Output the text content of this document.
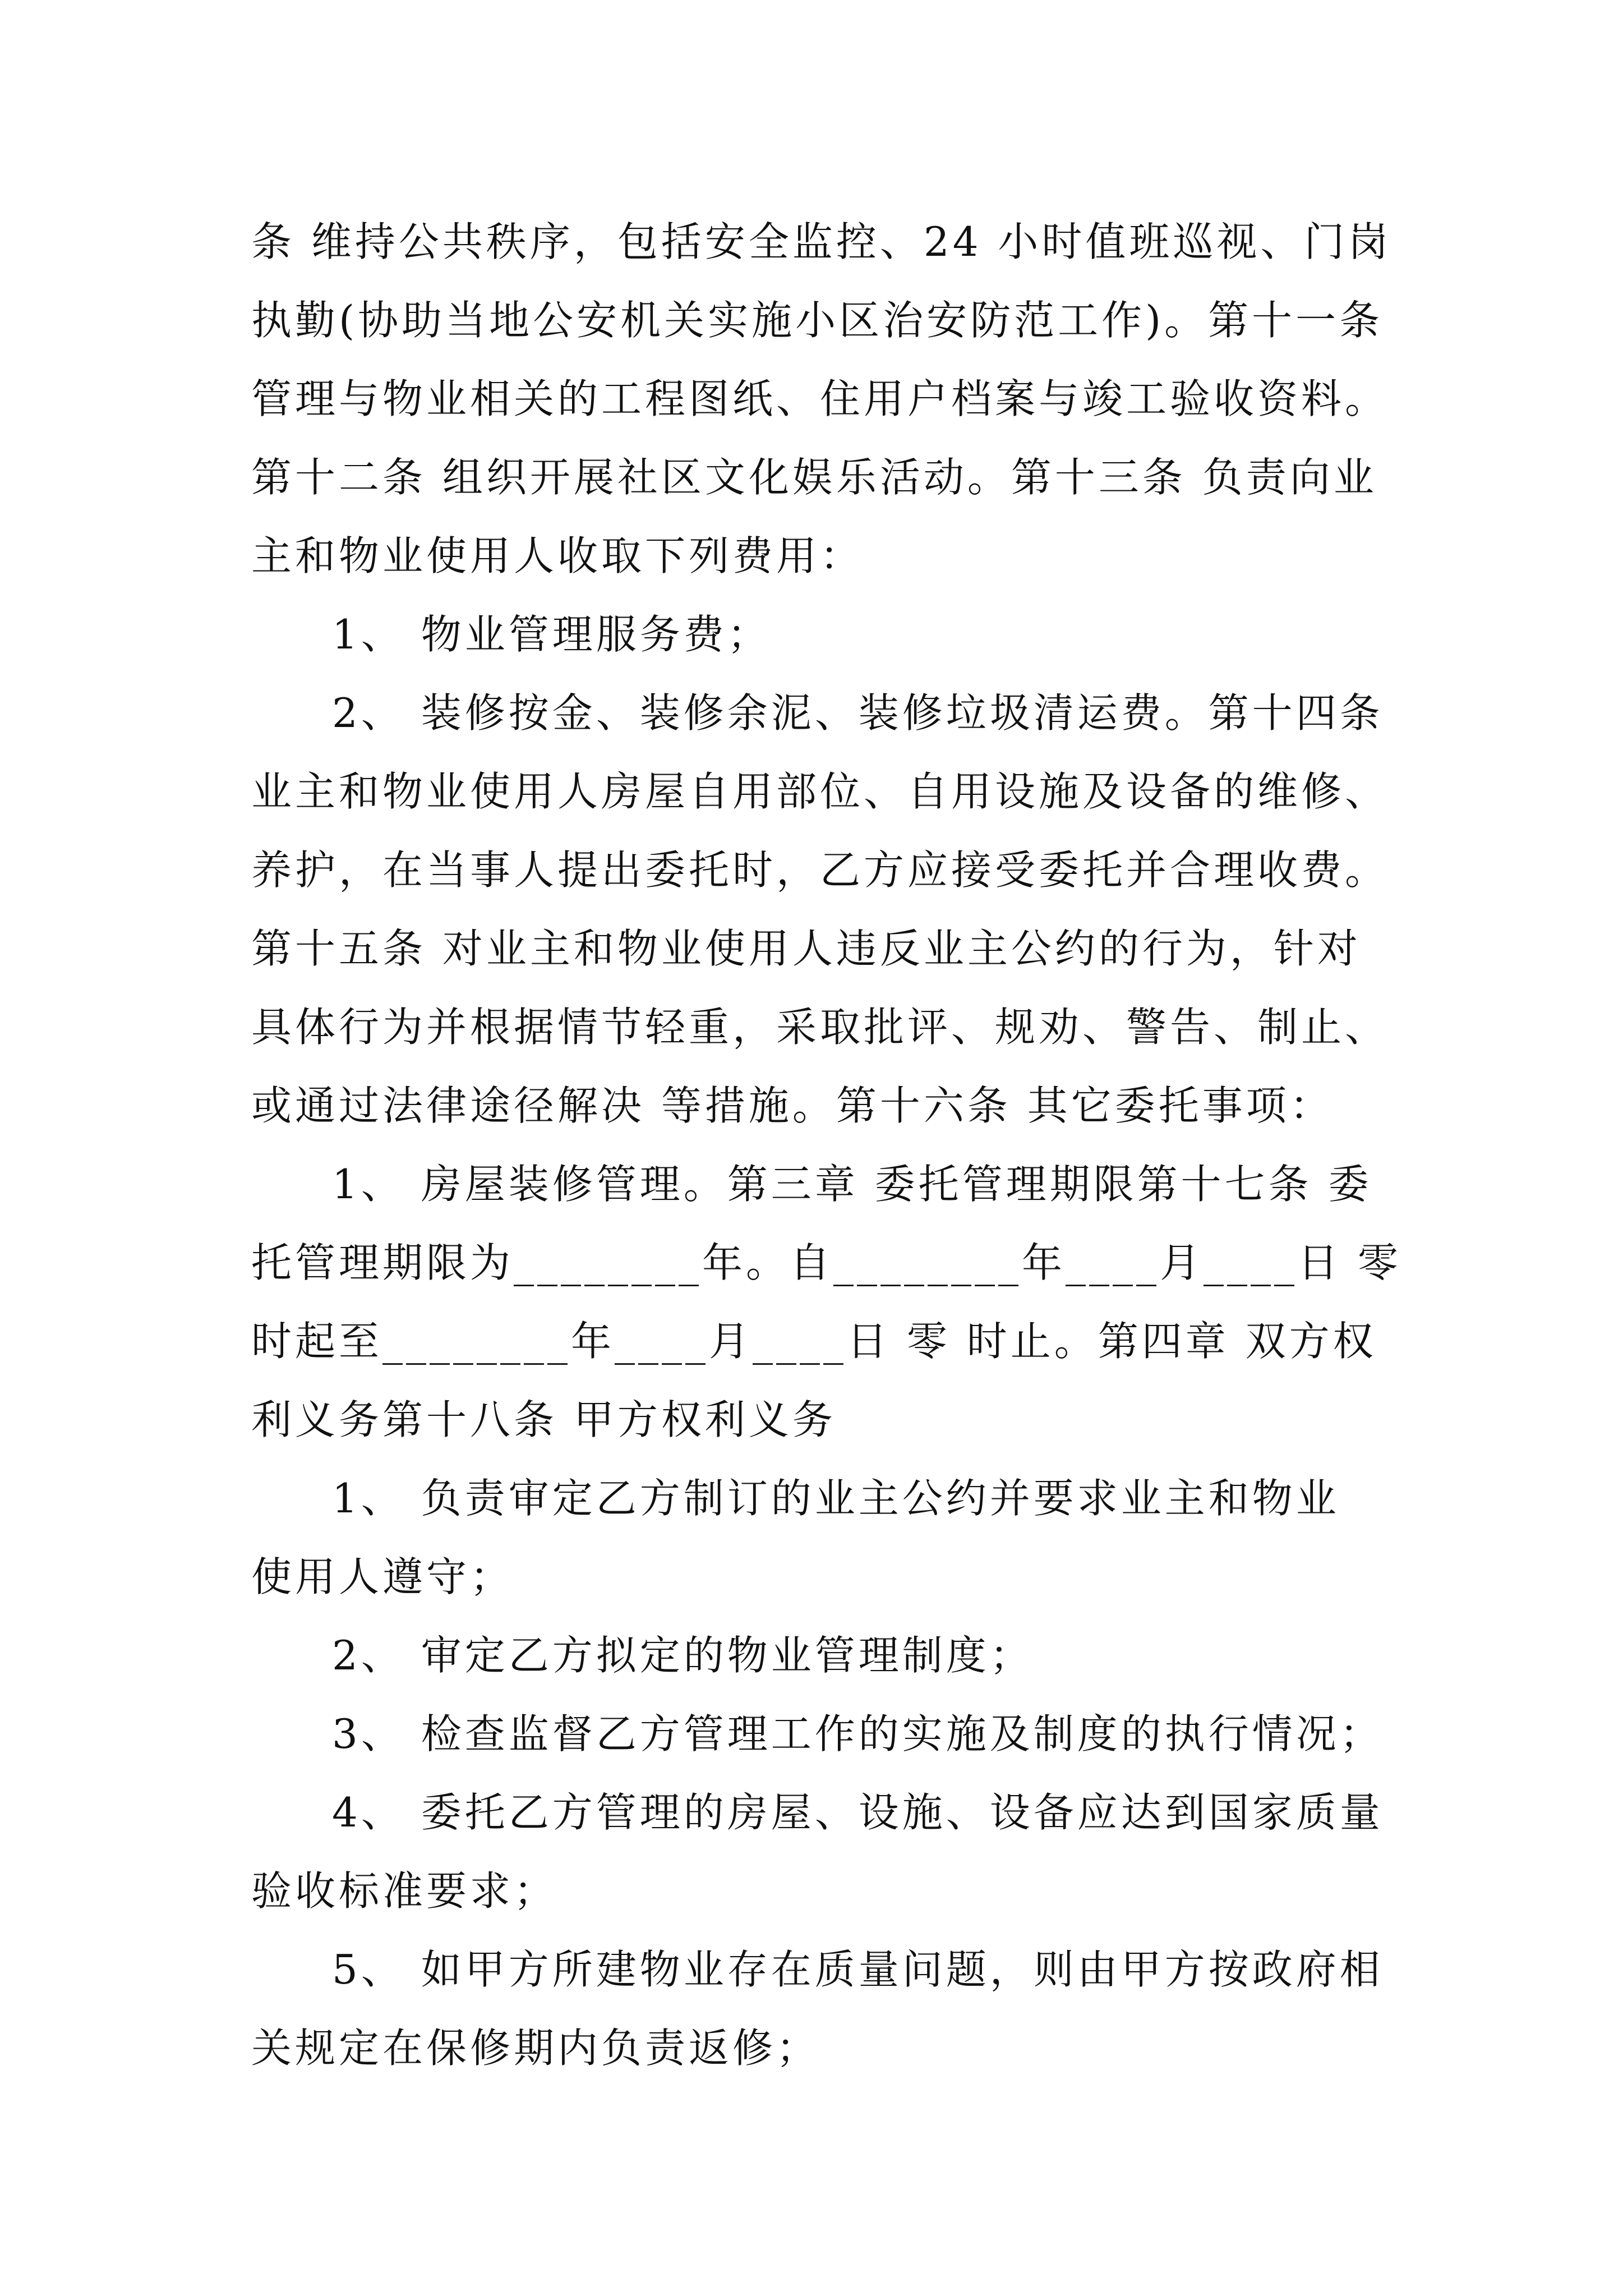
条 维持公共秩序，包括安全监控、24 小时值班巡视、门岗
执勤(协助当地公安机关实施小区治安防范工作)。第十一条
管理与物业相关的工程图纸、住用户档案与竣工验收资料。
第十二条 组织开展社区文化娱乐活动。第十三条 负责向业
主和物业使用人收取下列费用：
1、 物业管理服务费；
2、 装修按金、装修余泥、装修垃圾清运费。第十四条
业主和物业使用人房屋自用部位、自用设施及设备的维修、
养护，在当事人提出委托时，乙方应接受委托并合理收费。
第十五条 对业主和物业使用人违反业主公约的行为，针对
具体行为并根据情节轻重，采取批评、规劝、警告、制止、
或通过法律途径解决 等措施。第十六条 其它委托事项：
1、 房屋装修管理。第三章 委托管理期限第十七条 委
托管理期限为________年。自________年____月____日 零
时起至________年____月____日 零 时止。第四章 双方权
利义务第十八条 甲方权利义务
1、 负责审定乙方制订的业主公约并要求业主和物业
使用人遵守；
2、 审定乙方拟定的物业管理制度；
3、 检查监督乙方管理工作的实施及制度的执行情况；
4、 委托乙方管理的房屋、设施、设备应达到国家质量
验收标准要求；
5、 如甲方所建物业存在质量问题，则由甲方按政府相
关规定在保修期内负责返修；
